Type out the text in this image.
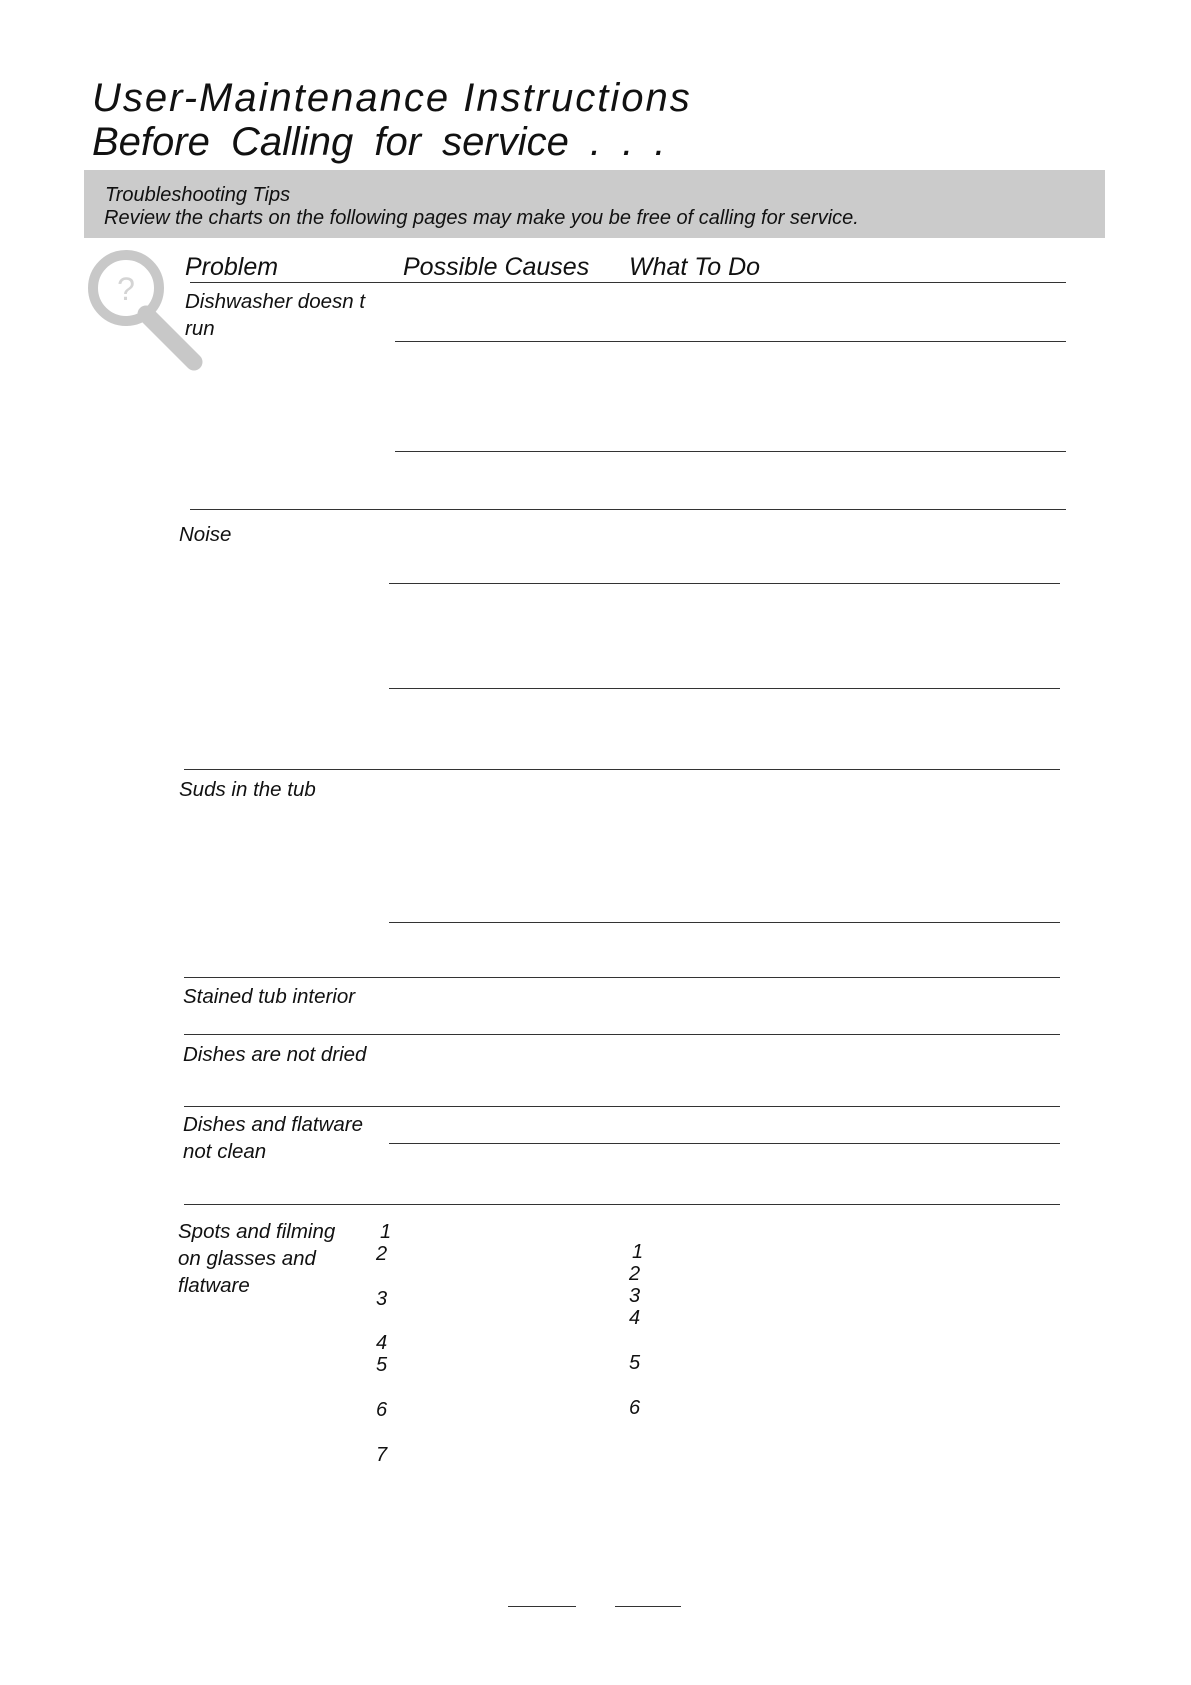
User-Maintenance Instructions
Before Calling for service . . .
Troubleshooting Tips
Review the charts on the following pages may make you be free of calling for service.
?
Problem	Possible Causes What To Do
Dishwasher doesn t
run
Noise
Suds in the tub
Stained tub interior
Dishes are not dried
Dishes and flatware
not clean
Spots and filming
on glasses and
flatware
1
2
3
4
5
6
7
1
2
3
4
5
6
